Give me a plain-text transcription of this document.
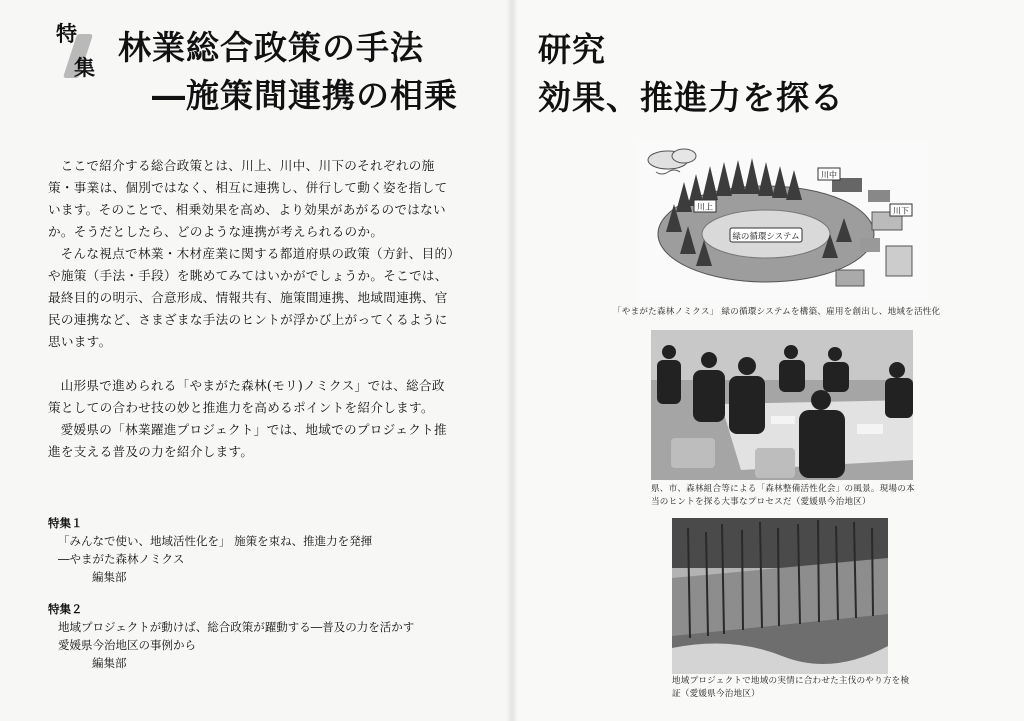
特
集
林業総合政策の手法
―施策間連携の相乗
研究
効果、推進力を探る

ここで紹介する総合政策とは、川上、川中、川下のそれぞれの施策・事業は、個別ではなく、相互に連携し、併行して動く姿を指しています。そのことで、相乗効果を高め、より効果があがるのではないか。そうだとしたら、どのような連携が考えられるのか。

そんな視点で林業・木材産業に関する都道府県の政策（方針、目的）や施策（手法・手段）を眺めてみてはいかがでしょうか。そこでは、最終目的の明示、合意形成、情報共有、施策間連携、地域間連携、官民の連携など、さまざまな手法のヒントが浮かび上がってくるように思います。

山形県で進められる「やまがた森林(モリ)ノミクス」では、総合政策としての合わせ技の妙と推進力を高めるポイントを紹介します。

愛媛県の「林業躍進プロジェクト」では、地域でのプロジェクト推進を支える普及の力を紹介します。

特集１
「みんなで使い、地域活性化を」 施策を束ね、推進力を発揮
―やまがた森林ノミクス
編集部
特集２
地域プロジェクトが動けば、総合政策が躍動する―普及の力を活かす
愛媛県今治地区の事例から
編集部
緑の循環システム
川上
川中
川下
「やまがた森林ノミクス」 緑の循環システムを構築、雇用を創出し、地域を活性化
県、市、森林組合等による「森林整備活性化会」の風景。現場の本当のヒントを探る大事なプロセスだ（愛媛県今治地区）
地域プロジェクトで地域の実情に合わせた主伐のやり方を検証（愛媛県今治地区）
